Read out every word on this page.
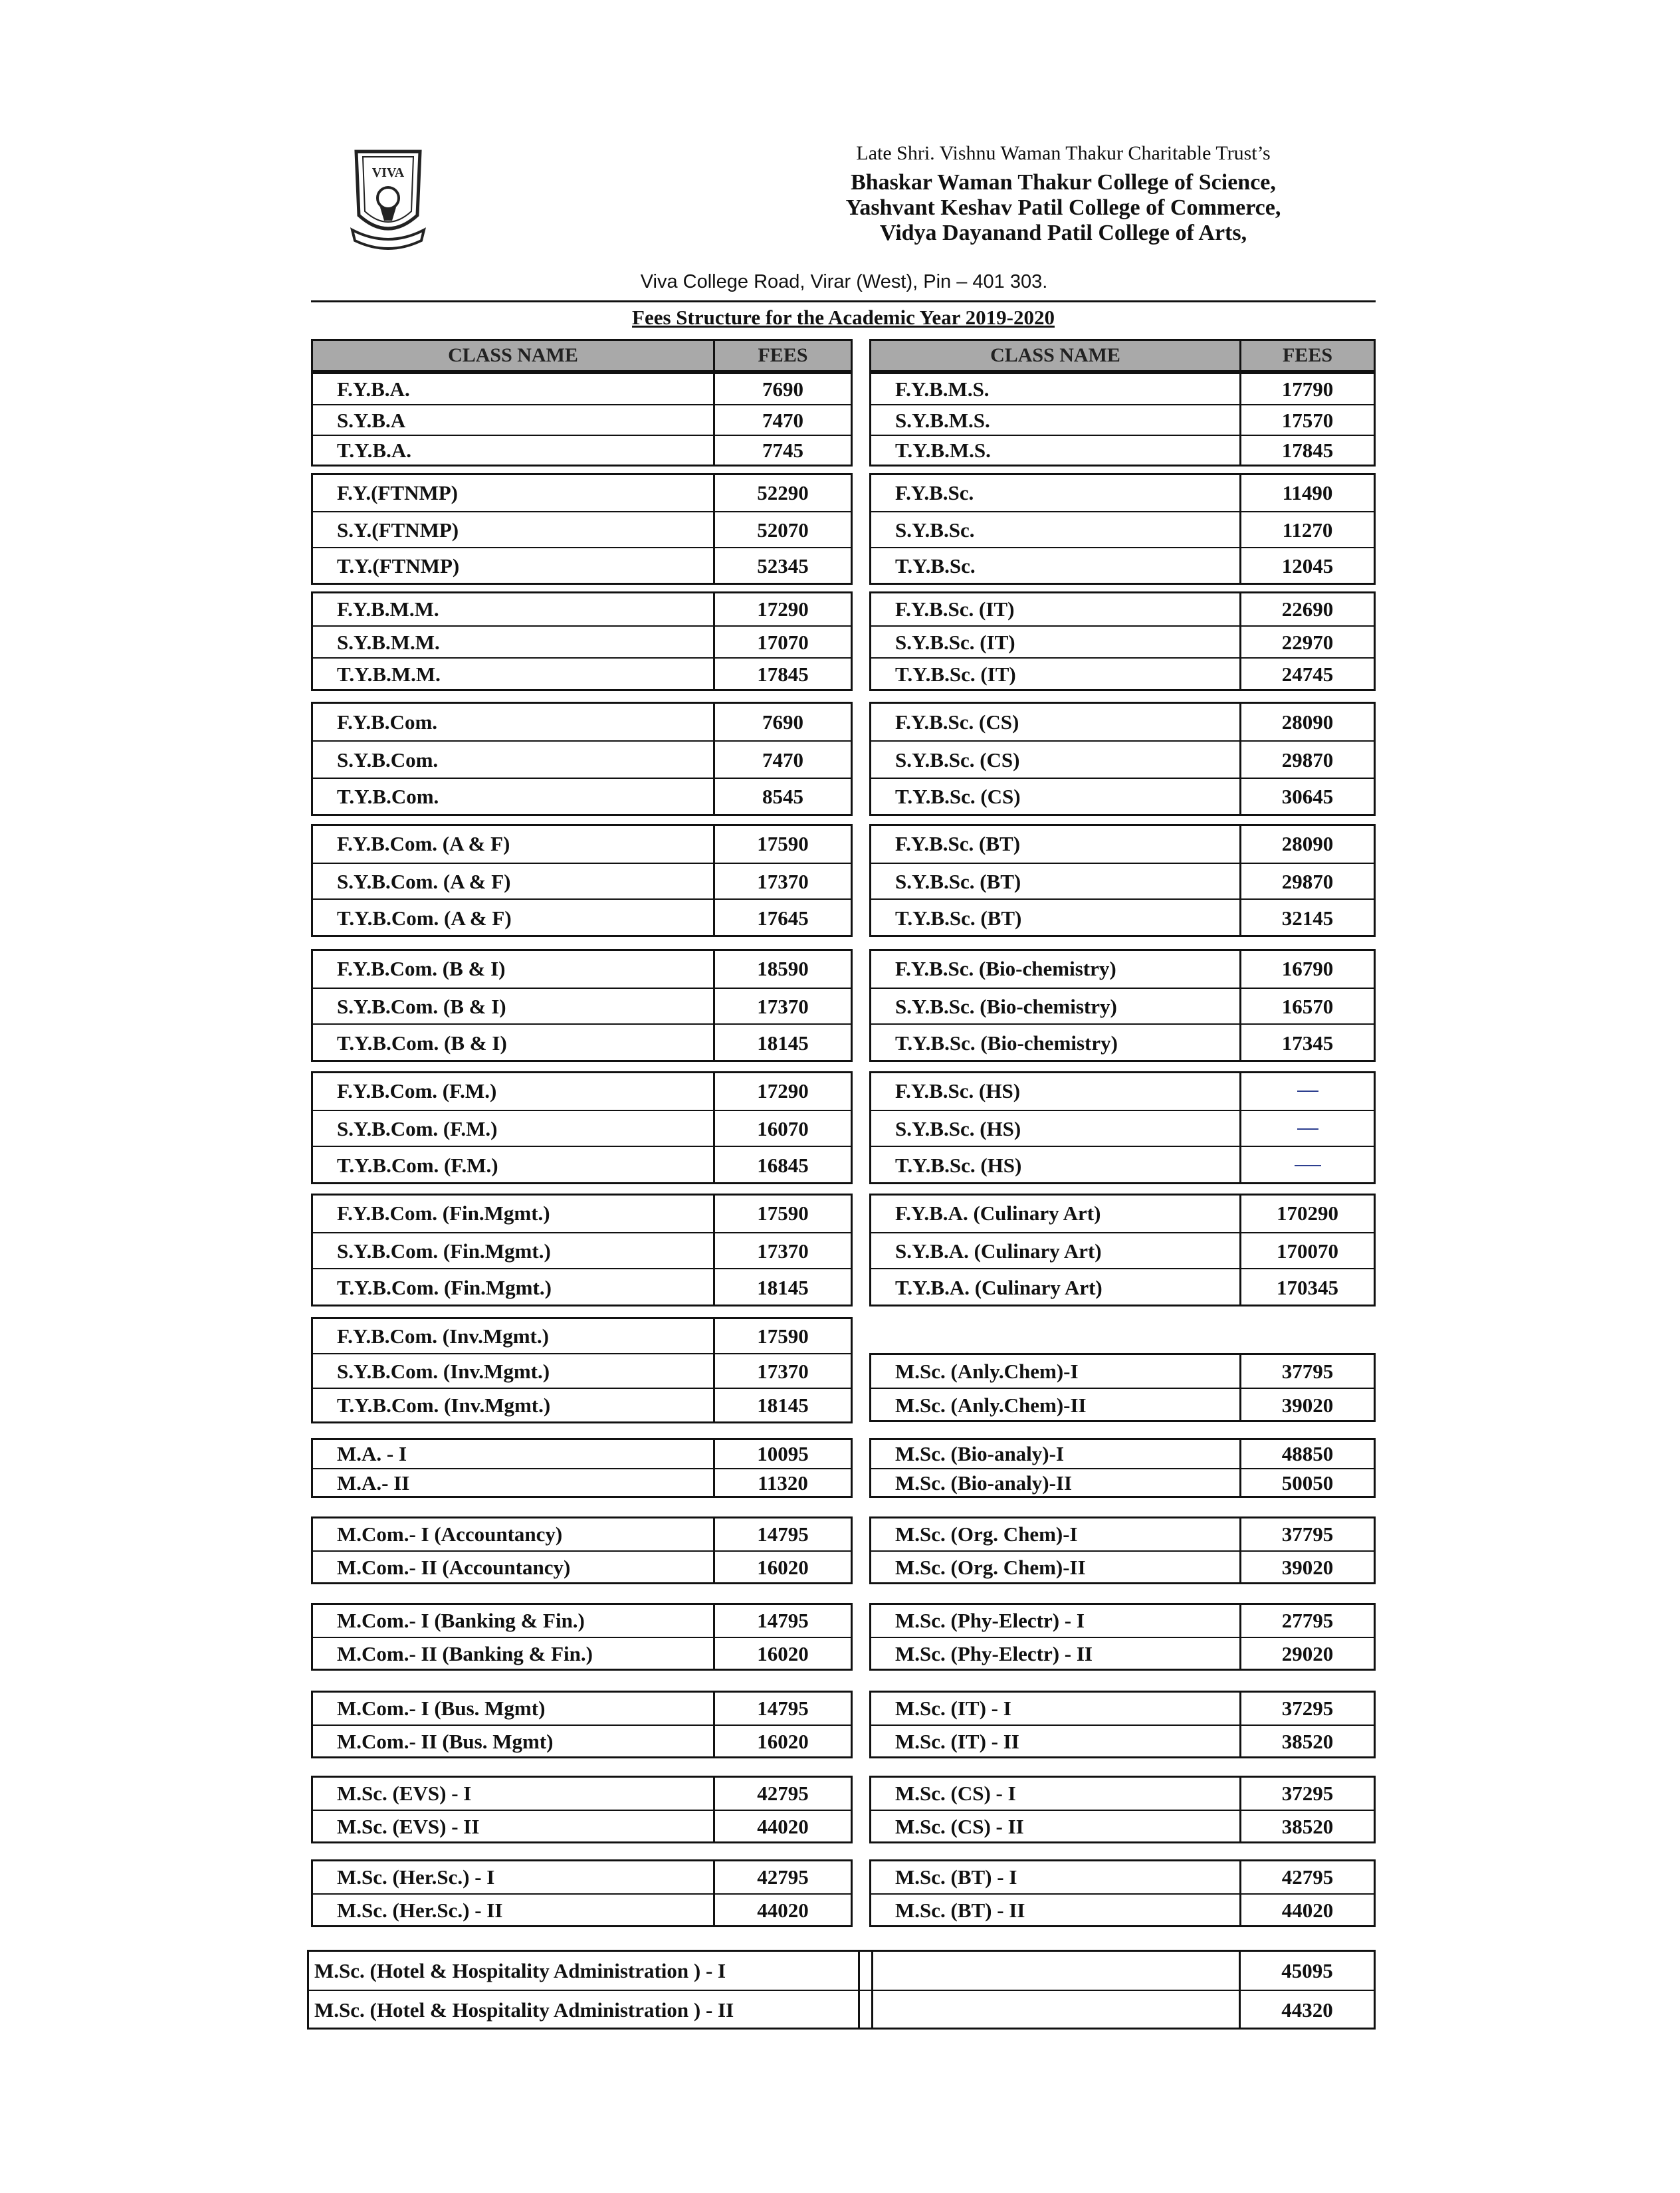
VIVA
Late Shri. Vishnu Waman Thakur Charitable Trust’s
Bhaskar Waman Thakur College of Science,
Yashvant Keshav Patil College of Commerce,
Vidya Dayanand Patil College of Arts,
Viva College Road, Virar (West), Pin – 401 303.
Fees Structure for the Academic Year 2019-2020
CLASS NAME	FEES	CLASS NAME	FEES
F.Y.B.A.	7690
S.Y.B.A	7470
T.Y.B.A.	7745
F.Y.(FTNMP)	52290
S.Y.(FTNMP)	52070
T.Y.(FTNMP)	52345
F.Y.B.M.M.	17290
S.Y.B.M.M.	17070
T.Y.B.M.M.	17845
F.Y.B.Com.	7690
S.Y.B.Com.	7470
T.Y.B.Com.	8545
F.Y.B.Com. (A & F)	17590
S.Y.B.Com. (A & F)	17370
T.Y.B.Com. (A & F)	17645
F.Y.B.Com. (B & I)	18590
S.Y.B.Com. (B & I)	17370
T.Y.B.Com. (B & I)	18145
F.Y.B.Com. (F.M.)	17290
S.Y.B.Com. (F.M.)	16070
T.Y.B.Com. (F.M.)	16845
F.Y.B.Com. (Fin.Mgmt.)	17590
S.Y.B.Com. (Fin.Mgmt.)	17370
T.Y.B.Com. (Fin.Mgmt.)	18145
F.Y.B.Com. (Inv.Mgmt.)	17590
S.Y.B.Com. (Inv.Mgmt.)	17370
T.Y.B.Com. (Inv.Mgmt.)	18145
M.A. - I	10095
M.A.- II	11320
M.Com.- I (Accountancy)	14795
M.Com.- II (Accountancy)	16020
M.Com.- I (Banking & Fin.)	14795
M.Com.- II (Banking & Fin.)	16020
M.Com.- I (Bus. Mgmt)	14795
M.Com.- II (Bus. Mgmt)	16020
M.Sc. (EVS) - I	42795
M.Sc. (EVS) - II	44020
M.Sc. (Her.Sc.) - I	42795
M.Sc. (Her.Sc.) - II	44020
F.Y.B.M.S.	17790
S.Y.B.M.S.	17570
T.Y.B.M.S.	17845
F.Y.B.Sc.	11490
S.Y.B.Sc.	11270
T.Y.B.Sc.	12045
F.Y.B.Sc. (IT)	22690
S.Y.B.Sc. (IT)	22970
T.Y.B.Sc. (IT)	24745
F.Y.B.Sc. (CS)	28090
S.Y.B.Sc. (CS)	29870
T.Y.B.Sc. (CS)	30645
F.Y.B.Sc. (BT)	28090
S.Y.B.Sc. (BT)	29870
T.Y.B.Sc. (BT)	32145
F.Y.B.Sc. (Bio-chemistry)	16790
S.Y.B.Sc. (Bio-chemistry)	16570
T.Y.B.Sc. (Bio-chemistry)	17345
F.Y.B.Sc. (HS)
S.Y.B.Sc. (HS)
T.Y.B.Sc. (HS)
F.Y.B.A. (Culinary Art)	170290
S.Y.B.A. (Culinary Art)	170070
T.Y.B.A. (Culinary Art)	170345
M.Sc. (Anly.Chem)-I	37795
M.Sc. (Anly.Chem)-II	39020
M.Sc. (Bio-analy)-I	48850
M.Sc. (Bio-analy)-II	50050
M.Sc. (Org. Chem)-I	37795
M.Sc. (Org. Chem)-II	39020
M.Sc. (Phy-Electr) - I	27795
M.Sc. (Phy-Electr) - II	29020
M.Sc. (IT) - I	37295
M.Sc. (IT) - II	38520
M.Sc. (CS) - I	37295
M.Sc. (CS) - II	38520
M.Sc. (BT) - I	42795
M.Sc. (BT) - II	44020
M.Sc. (Hotel & Hospitality Administration ) - I	45095
M.Sc. (Hotel & Hospitality Administration ) - II	44320
